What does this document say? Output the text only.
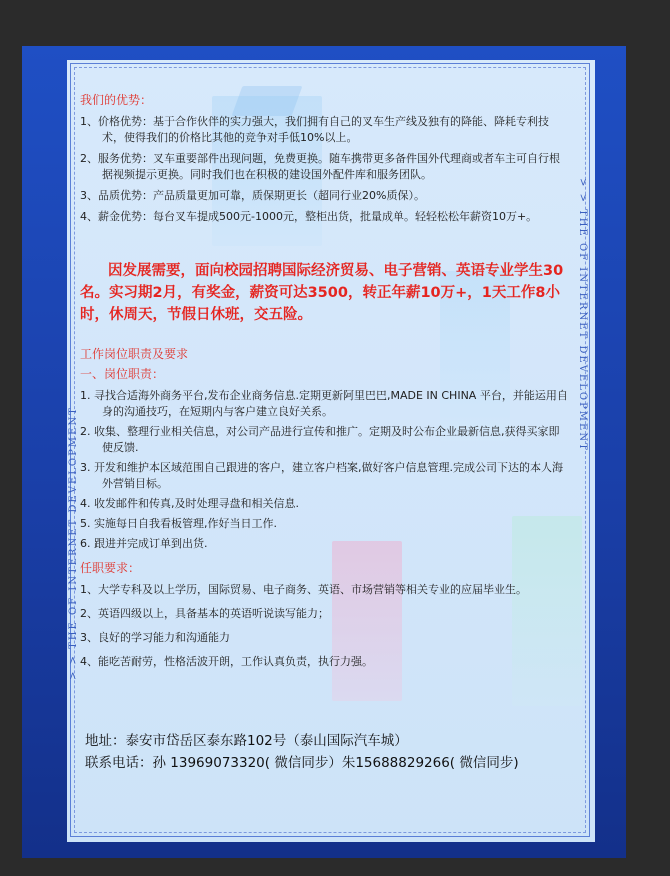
> > THE OF INTERNET DEVELOPMENT
> > THE OF INTERNET DEVELOPMENT
我们的优势：
1、价格优势：基于合作伙伴的实力强大，我们拥有自己的叉车生产线及独有的降能、降耗专利技术，使得我们的价格比其他的竞争对手低10%以上。
2、服务优势：叉车重要部件出现问题，免费更换。随车携带更多备件国外代理商或者车主可自行根据视频提示更换。同时我们也在积极的建设国外配件库和服务团队。
3、品质优势：产品质量更加可靠，质保期更长（超同行业20%质保）。
4、薪金优势：每台叉车提成500元-1000元，整柜出货，批量成单。轻轻松松年薪资10万+。
因发展需要，面向校园招聘国际经济贸易、电子营销、英语专业学生30名。实习期2月，有奖金，薪资可达3500，转正年薪10万+，1天工作8小时，休周天，节假日休班，交五险。
工作岗位职责及要求
一、岗位职责：
1. 寻找合适海外商务平台,发布企业商务信息.定期更新阿里巴巴,MADE IN CHINA 平台，并能运用自身的沟通技巧，在短期内与客户建立良好关系。
2. 收集、整理行业相关信息，对公司产品进行宣传和推广。定期及时公布企业最新信息,获得买家即使反馈.
3. 开发和维护本区域范围自己跟进的客户，建立客户档案,做好客户信息管理.完成公司下达的本人海外营销目标。
4. 收发邮件和传真,及时处理寻盘和相关信息.
5. 实施每日自我看板管理,作好当日工作.
6. 跟进并完成订单到出货.
任职要求：
1、大学专科及以上学历，国际贸易、电子商务、英语、市场营销等相关专业的应届毕业生。
2、英语四级以上，具备基本的英语听说读写能力；
3、良好的学习能力和沟通能力
4、能吃苦耐劳，性格活波开朗，工作认真负责，执行力强。
地址：泰安市岱岳区泰东路102号（泰山国际汽车城）
联系电话：孙 13969073320( 微信同步）朱15688829266( 微信同步)
